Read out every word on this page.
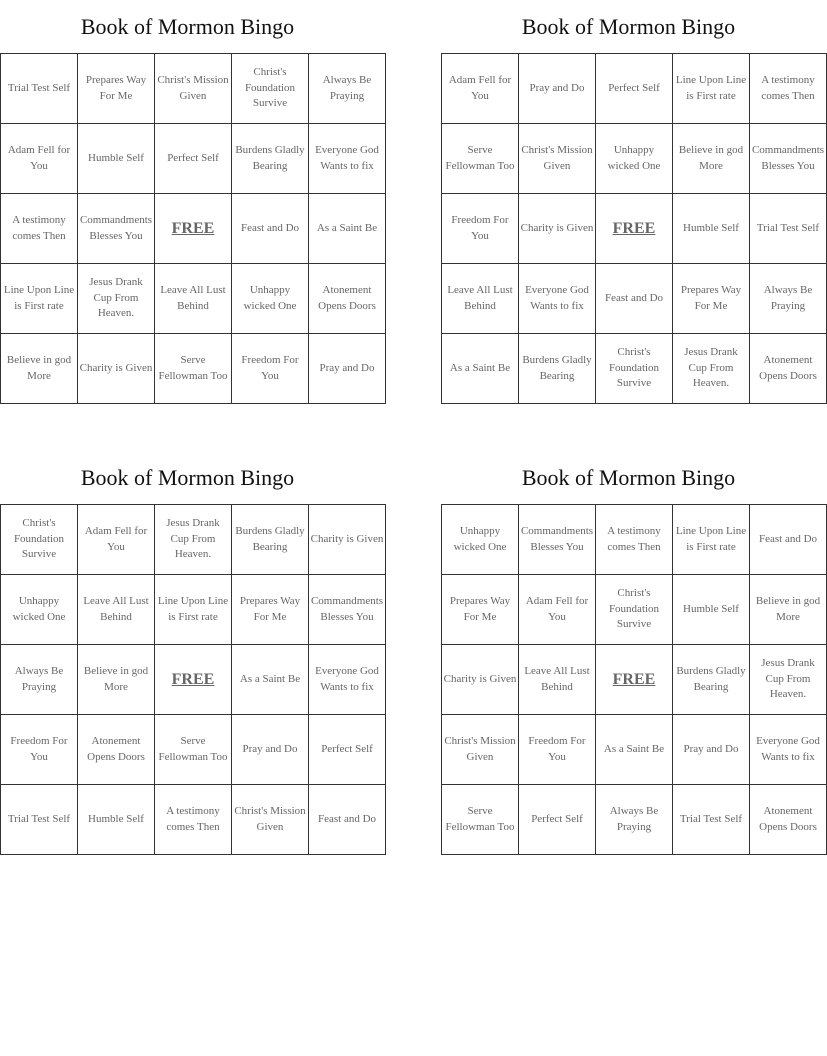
Book of Mormon Bingo
Trial Test Self	Prepares Way For Me	Christ's Mission Given	Christ's Foundation Survive	Always Be Praying
Adam Fell for You	Humble Self	Perfect Self	Burdens Gladly Bearing	Everyone God Wants to fix
A testimony comes Then	Commandments Blesses You	FREE	Feast and Do	As a Saint Be
Line Upon Line is First rate	Jesus Drank Cup From Heaven.	Leave All Lust Behind	Unhappy wicked One	Atonement Opens Doors
Believe in god More	Charity is Given	Serve Fellowman Too	Freedom For You	Pray and Do
Book of Mormon Bingo
Adam Fell for You	Pray and Do	Perfect Self	Line Upon Line is First rate	A testimony comes Then
Serve Fellowman Too	Christ's Mission Given	Unhappy wicked One	Believe in god More	Commandments Blesses You
Freedom For You	Charity is Given	FREE	Humble Self	Trial Test Self
Leave All Lust Behind	Everyone God Wants to fix	Feast and Do	Prepares Way For Me	Always Be Praying
As a Saint Be	Burdens Gladly Bearing	Christ's Foundation Survive	Jesus Drank Cup From Heaven.	Atonement Opens Doors
Book of Mormon Bingo
Christ's Foundation Survive	Adam Fell for You	Jesus Drank Cup From Heaven.	Burdens Gladly Bearing	Charity is Given
Unhappy wicked One	Leave All Lust Behind	Line Upon Line is First rate	Prepares Way For Me	Commandments Blesses You
Always Be Praying	Believe in god More	FREE	As a Saint Be	Everyone God Wants to fix
Freedom For You	Atonement Opens Doors	Serve Fellowman Too	Pray and Do	Perfect Self
Trial Test Self	Humble Self	A testimony comes Then	Christ's Mission Given	Feast and Do
Book of Mormon Bingo
Unhappy wicked One	Commandments Blesses You	A testimony comes Then	Line Upon Line is First rate	Feast and Do
Prepares Way For Me	Adam Fell for You	Christ's Foundation Survive	Humble Self	Believe in god More
Charity is Given	Leave All Lust Behind	FREE	Burdens Gladly Bearing	Jesus Drank Cup From Heaven.
Christ's Mission Given	Freedom For You	As a Saint Be	Pray and Do	Everyone God Wants to fix
Serve Fellowman Too	Perfect Self	Always Be Praying	Trial Test Self	Atonement Opens Doors
